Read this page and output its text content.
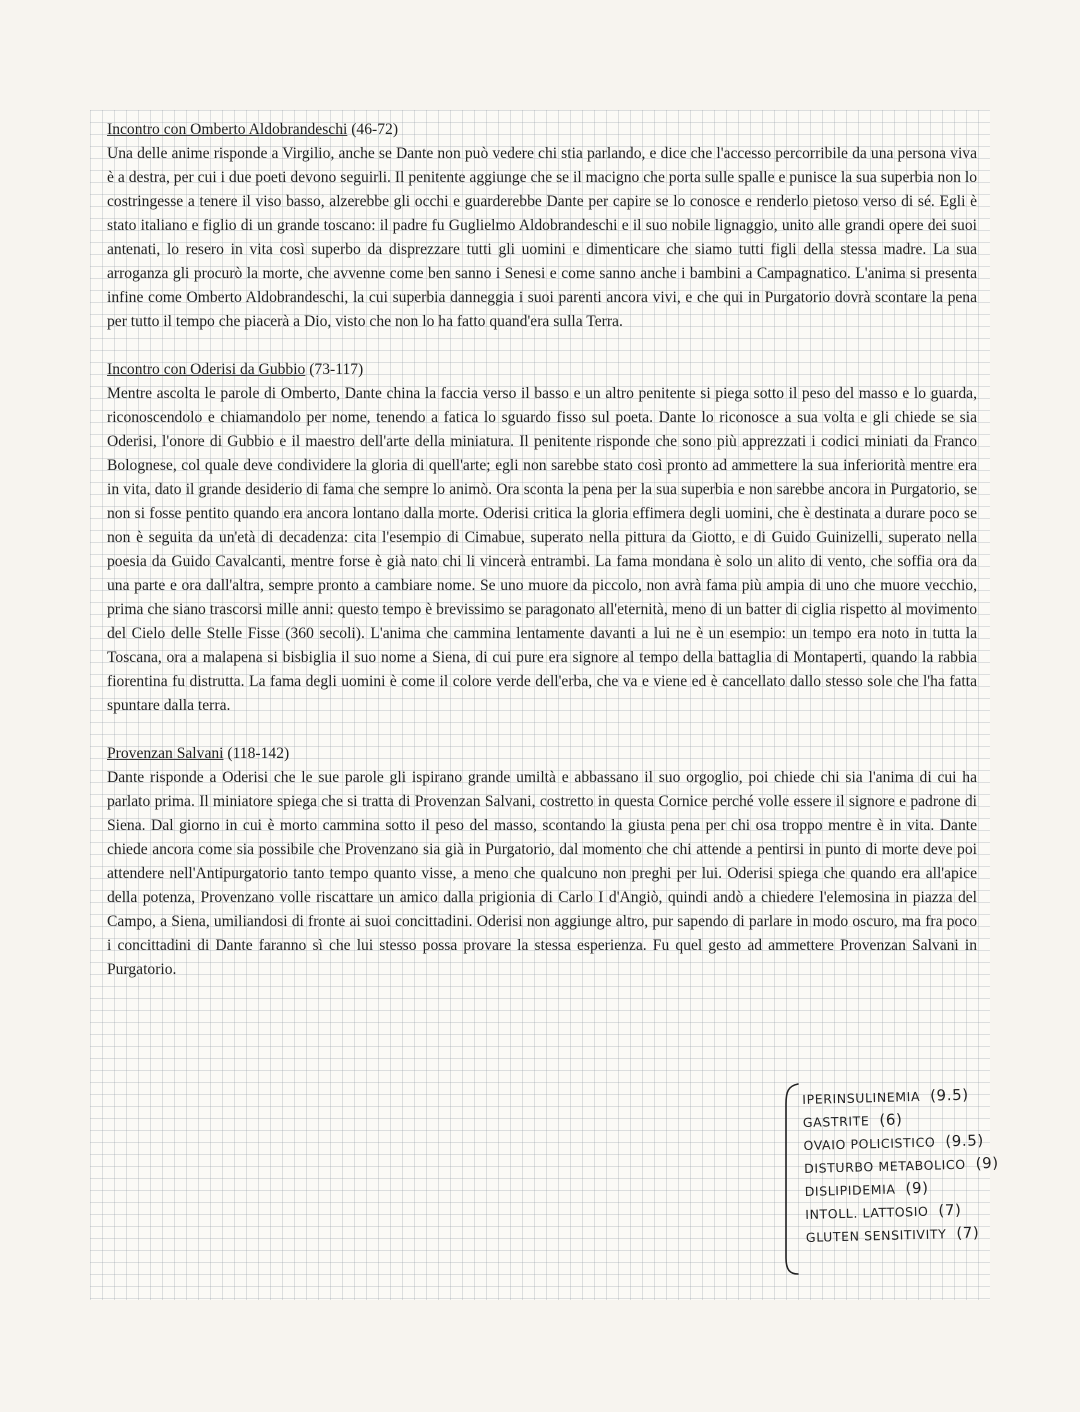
Incontro con Omberto Aldobrandeschi (46-72)
Una delle anime risponde a Virgilio, anche se Dante non può vedere chi stia parlando, e dice che l'accesso percorribile da una persona viva è a destra, per cui i due poeti devono seguirli. Il penitente aggiunge che se il macigno che porta sulle spalle e punisce la sua superbia non lo costringesse a tenere il viso basso, alzerebbe gli occhi e guarderebbe Dante per capire se lo conosce e renderlo pietoso verso di sé. Egli è stato italiano e figlio di un grande toscano: il padre fu Guglielmo Aldobrandeschi e il suo nobile lignaggio, unito alle grandi opere dei suoi antenati, lo resero in vita così superbo da disprezzare tutti gli uomini e dimenticare che siamo tutti figli della stessa madre. La sua arroganza gli procurò la morte, che avvenne come ben sanno i Senesi e come sanno anche i bambini a Campagnatico. L'anima si presenta infine come Omberto Aldobrandeschi, la cui superbia danneggia i suoi parenti ancora vivi, e che qui in Purgatorio dovrà scontare la pena per tutto il tempo che piacerà a Dio, visto che non lo ha fatto quand'era sulla Terra.
Incontro con Oderisi da Gubbio (73-117)
Mentre ascolta le parole di Omberto, Dante china la faccia verso il basso e un altro penitente si piega sotto il peso del masso e lo guarda, riconoscendolo e chiamandolo per nome, tenendo a fatica lo sguardo fisso sul poeta. Dante lo riconosce a sua volta e gli chiede se sia Oderisi, l'onore di Gubbio e il maestro dell'arte della miniatura. Il penitente risponde che sono più apprezzati i codici miniati da Franco Bolognese, col quale deve condividere la gloria di quell'arte; egli non sarebbe stato così pronto ad ammettere la sua inferiorità mentre era in vita, dato il grande desiderio di fama che sempre lo animò. Ora sconta la pena per la sua superbia e non sarebbe ancora in Purgatorio, se non si fosse pentito quando era ancora lontano dalla morte. Oderisi critica la gloria effimera degli uomini, che è destinata a durare poco se non è seguita da un'età di decadenza: cita l'esempio di Cimabue, superato nella pittura da Giotto, e di Guido Guinizelli, superato nella poesia da Guido Cavalcanti, mentre forse è già nato chi li vincerà entrambi. La fama mondana è solo un alito di vento, che soffia ora da una parte e ora dall'altra, sempre pronto a cambiare nome. Se uno muore da piccolo, non avrà fama più ampia di uno che muore vecchio, prima che siano trascorsi mille anni: questo tempo è brevissimo se paragonato all'eternità, meno di un batter di ciglia rispetto al movimento del Cielo delle Stelle Fisse (360 secoli). L'anima che cammina lentamente davanti a lui ne è un esempio: un tempo era noto in tutta la Toscana, ora a malapena si bisbiglia il suo nome a Siena, di cui pure era signore al tempo della battaglia di Montaperti, quando la rabbia fiorentina fu distrutta. La fama degli uomini è come il colore verde dell'erba, che va e viene ed è cancellato dallo stesso sole che l'ha fatta spuntare dalla terra.
Provenzan Salvani (118-142)
Dante risponde a Oderisi che le sue parole gli ispirano grande umiltà e abbassano il suo orgoglio, poi chiede chi sia l'anima di cui ha parlato prima. Il miniatore spiega che si tratta di Provenzan Salvani, costretto in questa Cornice perché volle essere il signore e padrone di Siena. Dal giorno in cui è morto cammina sotto il peso del masso, scontando la giusta pena per chi osa troppo mentre è in vita. Dante chiede ancora come sia possibile che Provenzano sia già in Purgatorio, dal momento che chi attende a pentirsi in punto di morte deve poi attendere nell'Antipurgatorio tanto tempo quanto visse, a meno che qualcuno non preghi per lui. Oderisi spiega che quando era all'apice della potenza, Provenzano volle riscattare un amico dalla prigionia di Carlo I d'Angiò, quindi andò a chiedere l'elemosina in piazza del Campo, a Siena, umiliandosi di fronte ai suoi concittadini. Oderisi non aggiunge altro, pur sapendo di parlare in modo oscuro, ma fra poco i concittadini di Dante faranno sì che lui stesso possa provare la stessa esperienza. Fu quel gesto ad ammettere Provenzan Salvani in Purgatorio.
IPERINSULINEMIA (9.5)
GASTRITE (6)
OVAIO POLICISTICO (9.5)
DISTURBO METABOLICO (9)
DISLIPIDEMIA (9)
INTOLL. LATTOSIO (7)
GLUTEN SENSITIVITY (7)
